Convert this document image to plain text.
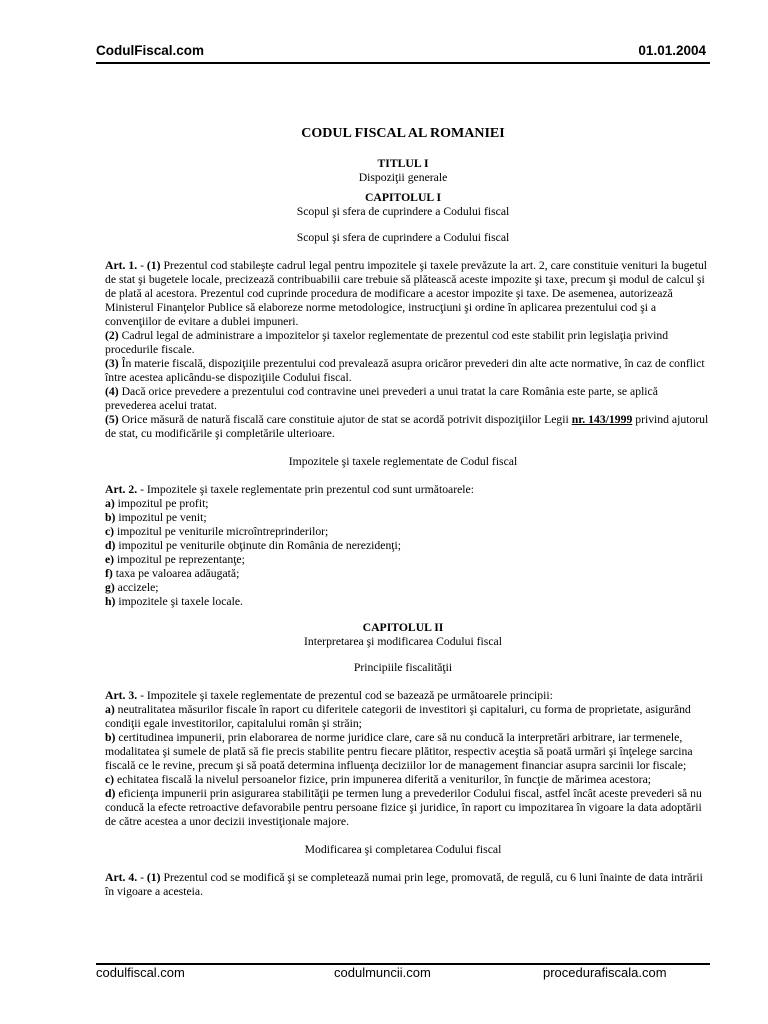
CodulFiscal.com	01.01.2004

CODUL FISCAL AL ROMANIEI

TITLUL I

Dispoziţii generale

CAPITOLUL I

Scopul şi sfera de cuprindere a Codului fiscal

Scopul şi sfera de cuprindere a Codului fiscal

Art. 1. - (1) Prezentul cod stabileşte cadrul legal pentru impozitele şi taxele prevăzute la art. 2, care constituie venituri la bugetul de stat şi bugetele locale, precizează contribuabilii care trebuie să plătească aceste impozite şi taxe, precum şi modul de calcul şi de plată al acestora. Prezentul cod cuprinde procedura de modificare a acestor impozite şi taxe. De asemenea, autorizează Ministerul Finanţelor Publice să elaboreze norme metodologice, instrucţiuni şi ordine în aplicarea prezentului cod şi a convenţiilor de evitare a dublei impuneri.

(2) Cadrul legal de administrare a impozitelor şi taxelor reglementate de prezentul cod este stabilit prin legislaţia privind procedurile fiscale.

(3) În materie fiscală, dispoziţiile prezentului cod prevalează asupra oricăror prevederi din alte acte normative, în caz de conflict între acestea aplicându-se dispoziţiile Codului fiscal.

(4) Dacă orice prevedere a prezentului cod contravine unei prevederi a unui tratat la care România este parte, se aplică prevederea acelui tratat.

(5) Orice măsură de natură fiscală care constituie ajutor de stat se acordă potrivit dispoziţiilor Legii nr. 143/1999 privind ajutorul de stat, cu modificările şi completările ulterioare.

Impozitele şi taxele reglementate de Codul fiscal

Art. 2. - Impozitele şi taxele reglementate prin prezentul cod sunt următoarele:

a) impozitul pe profit;

b) impozitul pe venit;

c) impozitul pe veniturile microîntreprinderilor;

d) impozitul pe veniturile obţinute din România de nerezidenţi;

e) impozitul pe reprezentanţe;

f) taxa pe valoarea adăugată;

g) accizele;

h) impozitele şi taxele locale.

CAPITOLUL II

Interpretarea şi modificarea Codului fiscal

Principiile fiscalităţii

Art. 3. - Impozitele şi taxele reglementate de prezentul cod se bazează pe următoarele principii:

a) neutralitatea măsurilor fiscale în raport cu diferitele categorii de investitori şi capitaluri, cu forma de proprietate, asigurând condiţii egale investitorilor, capitalului român şi străin;

b) certitudinea impunerii, prin elaborarea de norme juridice clare, care să nu conducă la interpretări arbitrare, iar termenele, modalitatea şi sumele de plată să fie precis stabilite pentru fiecare plătitor, respectiv aceştia să poată urmări şi înţelege sarcina fiscală ce le revine, precum şi să poată determina influenţa deciziilor lor de management financiar asupra sarcinii lor fiscale;

c) echitatea fiscală la nivelul persoanelor fizice, prin impunerea diferită a veniturilor, în funcţie de mărimea acestora;

d) eficienţa impunerii prin asigurarea stabilităţii pe termen lung a prevederilor Codului fiscal, astfel încât aceste prevederi să nu conducă la efecte retroactive defavorabile pentru persoane fizice şi juridice, în raport cu impozitarea în vigoare la data adoptării de către acestea a unor decizii investiţionale majore.

Modificarea şi completarea Codului fiscal

Art. 4. - (1) Prezentul cod se modifică şi se completează numai prin lege, promovată, de regulă, cu 6 luni înainte de data intrării în vigoare a acesteia.

codulfiscal.com	codulmuncii.com	procedurafiscala.com
